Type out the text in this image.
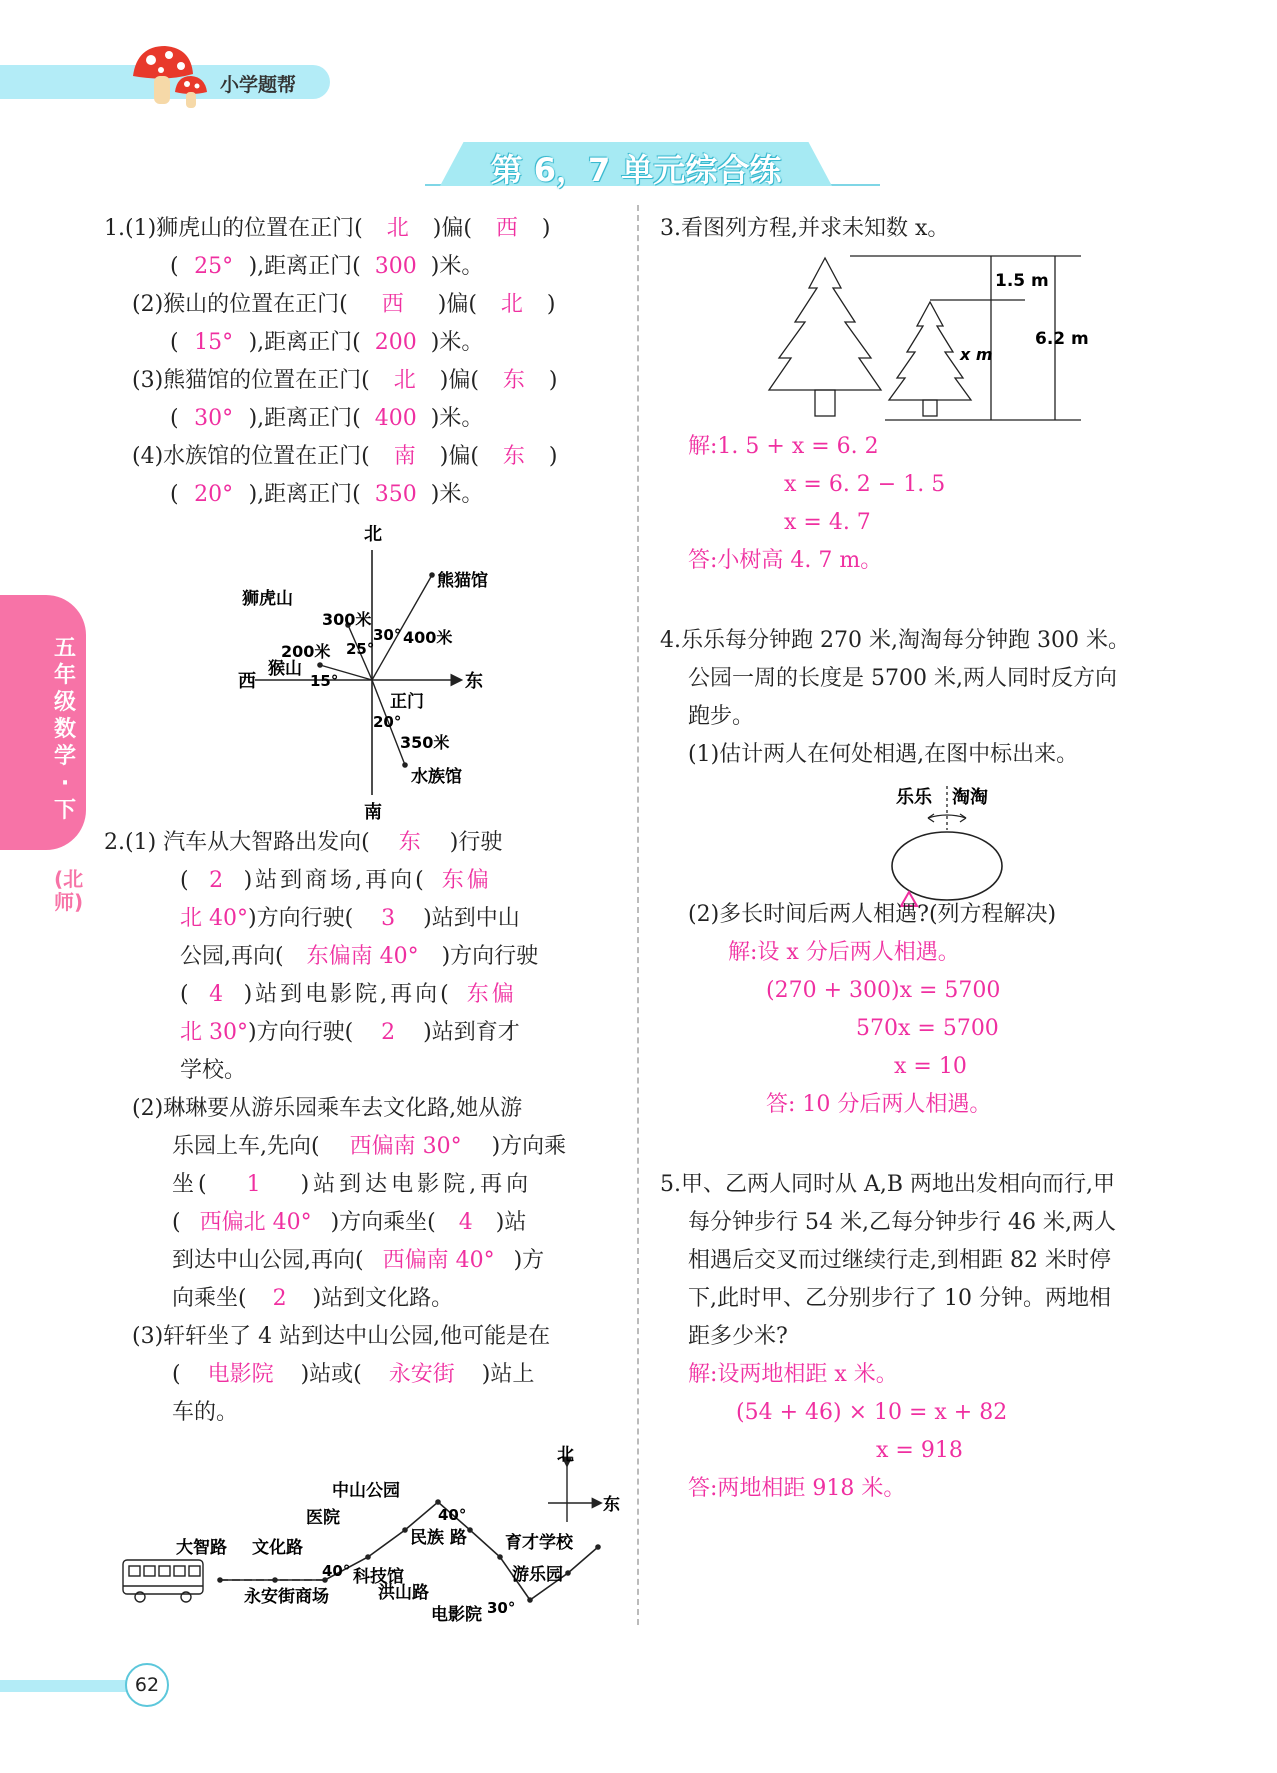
小学题帮
第 6，7 单元综合练
五年级数学·下
(北师)
1.(1)狮虎山的位置在正门( 北 )偏( 西 )
( 25° ),距离正门( 300 )米。
(2)猴山的位置在正门( 西 )偏( 北 )
( 15° ),距离正门( 200 )米。
(3)熊猫馆的位置在正门( 北 )偏( 东 )
( 30° ),距离正门( 400 )米。
(4)水族馆的位置在正门( 南 )偏( 东 )
( 20° ),距离正门( 350 )米。
北
南
东
西
狮虎山
猴山
熊猫馆
水族馆
正门
300米
200米
400米
350米
25°
15°
30°
20°
2.(1) 汽车从大智路出发向( 东 )行驶
( 2 )站到商场,再向( 东偏
北 40°)方向行驶( 3 )站到中山
公园,再向( 东偏南 40° )方向行驶
( 4 )站到电影院,再向( 东偏
北 30°)方向行驶( 2 )站到育才
学校。
(2)琳琳要从游乐园乘车去文化路,她从游
乐园上车,先向( 西偏南 30° )方向乘
坐( 1 )站到达电影院,再向
( 西偏北 40° )方向乘坐( 4 )站
到达中山公园,再向( 西偏南 40° )方
向乘坐( 2 )站到文化路。
(3)轩轩坐了 4 站到达中山公园,他可能是在
( 电影院 )站或( 永安街 )站上
车的。
北
东
中山公园
医院
民族 路 育才学校
大智路 文化路
科技馆
洪山路
游乐园
永安街商场
电影院
40°
40°
30°
3.看图列方程,并求未知数 x。
1.5 m
6.2 m
x m
解:1. 5 + x = 6. 2
x = 6. 2 − 1. 5
x = 4. 7
答:小树高 4. 7 m。
4.乐乐每分钟跑 270 米,淘淘每分钟跑 300 米。
公园一周的长度是 5700 米,两人同时反方向
跑步。
(1)估计两人在何处相遇,在图中标出来。
乐乐 淘淘
(2)多长时间后两人相遇?(列方程解决)
解:设 x 分后两人相遇。
(270 + 300)x = 5700
570x = 5700
x = 10
答: 10 分后两人相遇。
5.甲、乙两人同时从 A,B 两地出发相向而行,甲
每分钟步行 54 米,乙每分钟步行 46 米,两人
相遇后交叉而过继续行走,到相距 82 米时停
下,此时甲、乙分别步行了 10 分钟。两地相
距多少米?
解:设两地相距 x 米。
(54 + 46) × 10 = x + 82
x = 918
答:两地相距 918 米。
62
